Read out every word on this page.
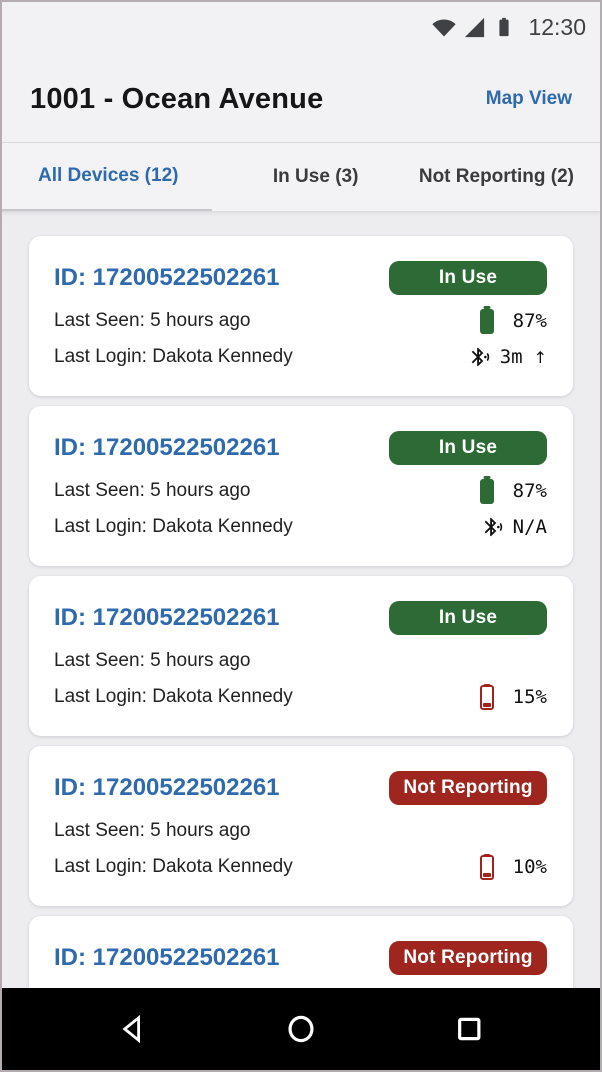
12:30
1001 - Ocean Avenue	Map View
All Devices (12)	In Use (3)	Not Reporting (2)
ID: 17200522502261	In Use
Last Seen: 5 hours ago	87%
Last Login: Dakota Kennedy	3m ↑
ID: 17200522502261	In Use
Last Seen: 5 hours ago	87%
Last Login: Dakota Kennedy	N/A
ID: 17200522502261	In Use
Last Seen: 5 hours ago
Last Login: Dakota Kennedy	15%
ID: 17200522502261	Not Reporting
Last Seen: 5 hours ago
Last Login: Dakota Kennedy	10%
ID: 17200522502261	Not Reporting
